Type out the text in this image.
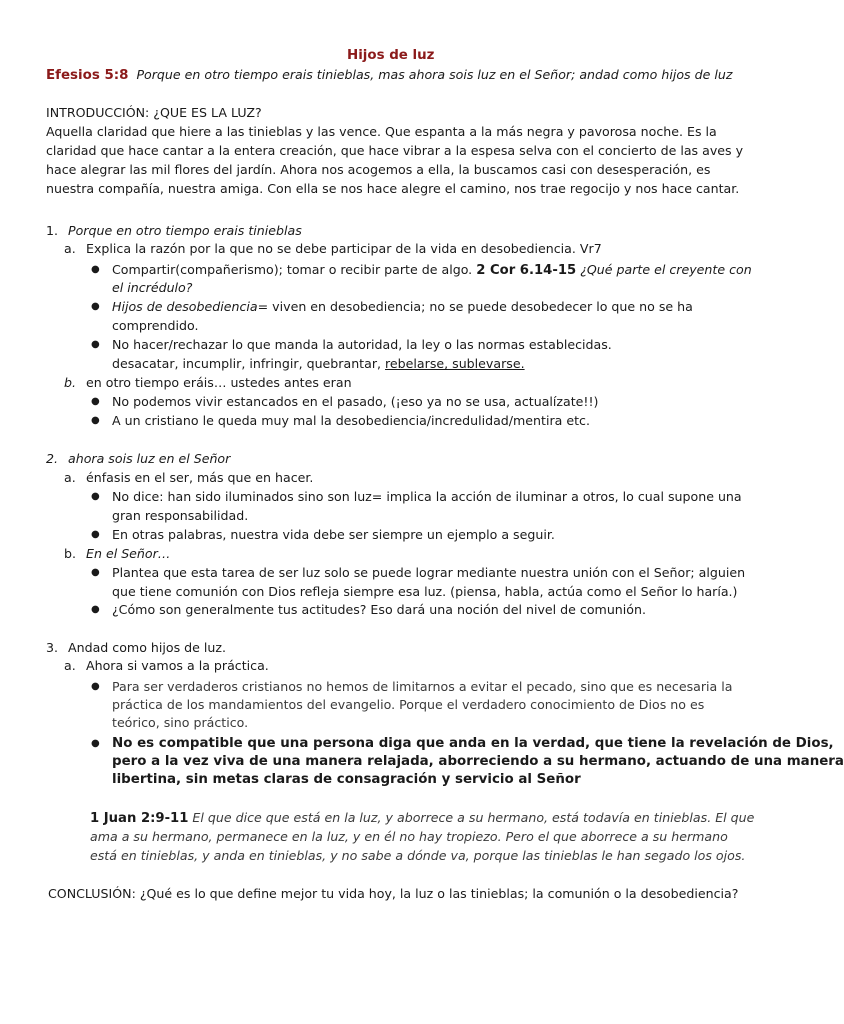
Hijos de luz
Efesios 5:8 Porque en otro tiempo erais tinieblas, mas ahora sois luz en el Señor; andad como hijos de luz
INTRODUCCIÓN: ¿QUE ES LA LUZ?
Aquella claridad que hiere a las tinieblas y las vence. Que espanta a la más negra y pavorosa noche. Es la
claridad que hace cantar a la entera creación, que hace vibrar a la espesa selva con el concierto de las aves y
hace alegrar las mil flores del jardín. Ahora nos acogemos a ella, la buscamos casi con desesperación, es
nuestra compañía, nuestra amiga. Con ella se nos hace alegre el camino, nos trae regocijo y nos hace cantar.
1. Porque en otro tiempo erais tinieblas
a. Explica la razón por la que no se debe participar de la vida en desobediencia. Vr7
● Compartir(compañerismo); tomar o recibir parte de algo. 2 Cor 6.14-15 ¿Qué parte el creyente con
el incrédulo?
● Hijos de desobediencia= viven en desobediencia; no se puede desobedecer lo que no se ha
comprendido.
● No hacer/rechazar lo que manda la autoridad, la ley o las normas establecidas.
desacatar, incumplir, infringir, quebrantar, rebelarse, sublevarse.
b. en otro tiempo eráis… ustedes antes eran
● No podemos vivir estancados en el pasado, (¡eso ya no se usa, actualízate!!)
● A un cristiano le queda muy mal la desobediencia/incredulidad/mentira etc.
2. ahora sois luz en el Señor
a. énfasis en el ser, más que en hacer.
● No dice: han sido iluminados sino son luz= implica la acción de iluminar a otros, lo cual supone una
gran responsabilidad.
● En otras palabras, nuestra vida debe ser siempre un ejemplo a seguir.
b. En el Señor…
● Plantea que esta tarea de ser luz solo se puede lograr mediante nuestra unión con el Señor; alguien
que tiene comunión con Dios refleja siempre esa luz. (piensa, habla, actúa como el Señor lo haría.)
● ¿Cómo son generalmente tus actitudes? Eso dará una noción del nivel de comunión.
3. Andad como hijos de luz.
a. Ahora si vamos a la práctica.
● Para ser verdaderos cristianos no hemos de limitarnos a evitar el pecado, sino que es necesaria la
práctica de los mandamientos del evangelio. Porque el verdadero conocimiento de Dios no es
teórico, sino práctico.
● No es compatible que una persona diga que anda en la verdad, que tiene la revelación de Dios,
pero a la vez viva de una manera relajada, aborreciendo a su hermano, actuando de una manera
libertina, sin metas claras de consagración y servicio al Señor
1 Juan 2:9-11 El que dice que está en la luz, y aborrece a su hermano, está todavía en tinieblas. El que
ama a su hermano, permanece en la luz, y en él no hay tropiezo. Pero el que aborrece a su hermano
está en tinieblas, y anda en tinieblas, y no sabe a dónde va, porque las tinieblas le han segado los ojos.
CONCLUSIÓN: ¿Qué es lo que define mejor tu vida hoy, la luz o las tinieblas; la comunión o la desobediencia?
